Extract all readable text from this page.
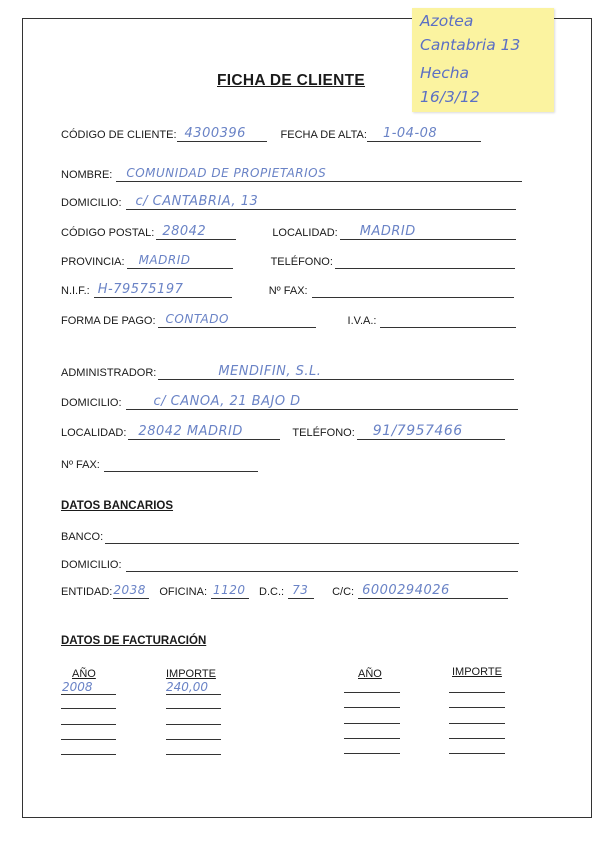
FICHA DE CLIENTE
Azotea
Cantabria 13
Hecha
16/3/12
CÓDIGO DE CLIENTE: 4300396	FECHA DE ALTA: 1-04-08
NOMBRE: COMUNIDAD DE PROPIETARIOS
DOMICILIO: c/ CANTABRIA, 13
CÓDIGO POSTAL: 28042	LOCALIDAD: MADRID
PROVINCIA: MADRID	TELÉFONO:
N.I.F.: H-79575197	Nº FAX:
FORMA DE PAGO: CONTADO	I.V.A.:
ADMINISTRADOR:	MENDIFIN, S.L.
DOMICILIO: c/ CANOA, 21 BAJO D
LOCALIDAD: 28042 MADRID	TELÉFONO: 91/7957466
Nº FAX:
DATOS BANCARIOS
BANCO:
DOMICILIO:
ENTIDAD: 2038 OFICINA: 1120 D.C.: 73 C/C: 6000294026
DATOS DE FACTURACIÓN
AÑO	IMPORTE	AÑO	IMPORTE
2008	240,00
